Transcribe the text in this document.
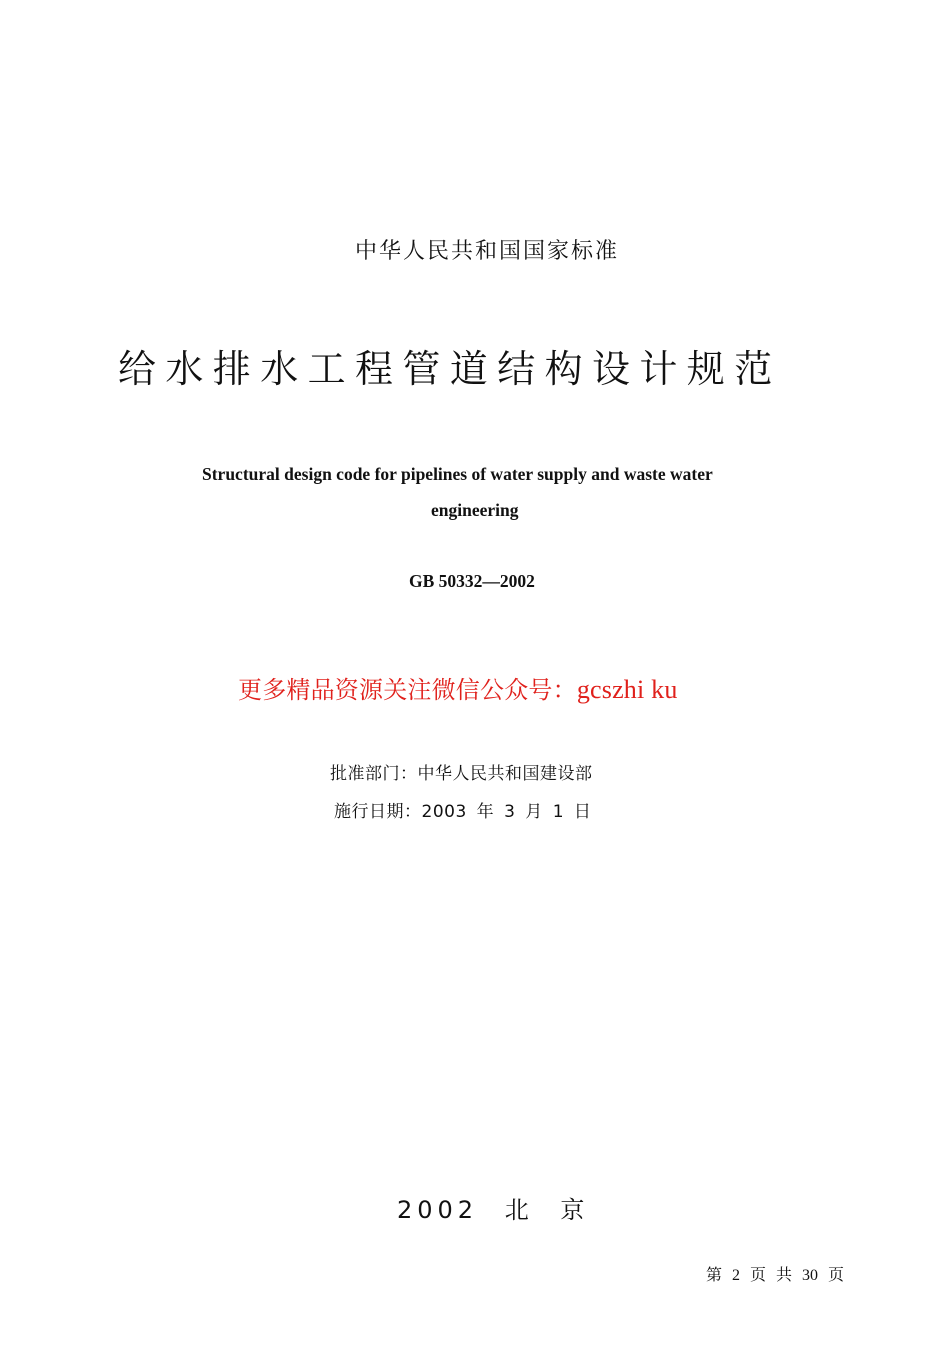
中华人民共和国国家标准
给水排水工程管道结构设计规范
Structural design code for pipelines of water supply and waste water
engineering
GB 50332—2002
更多精品资源关注微信公众号：gcszhi ku
批准部门：中华人民共和国建设部
施行日期：2003 年 3 月 1 日
2002 北 京
第 2 页 共 30 页
